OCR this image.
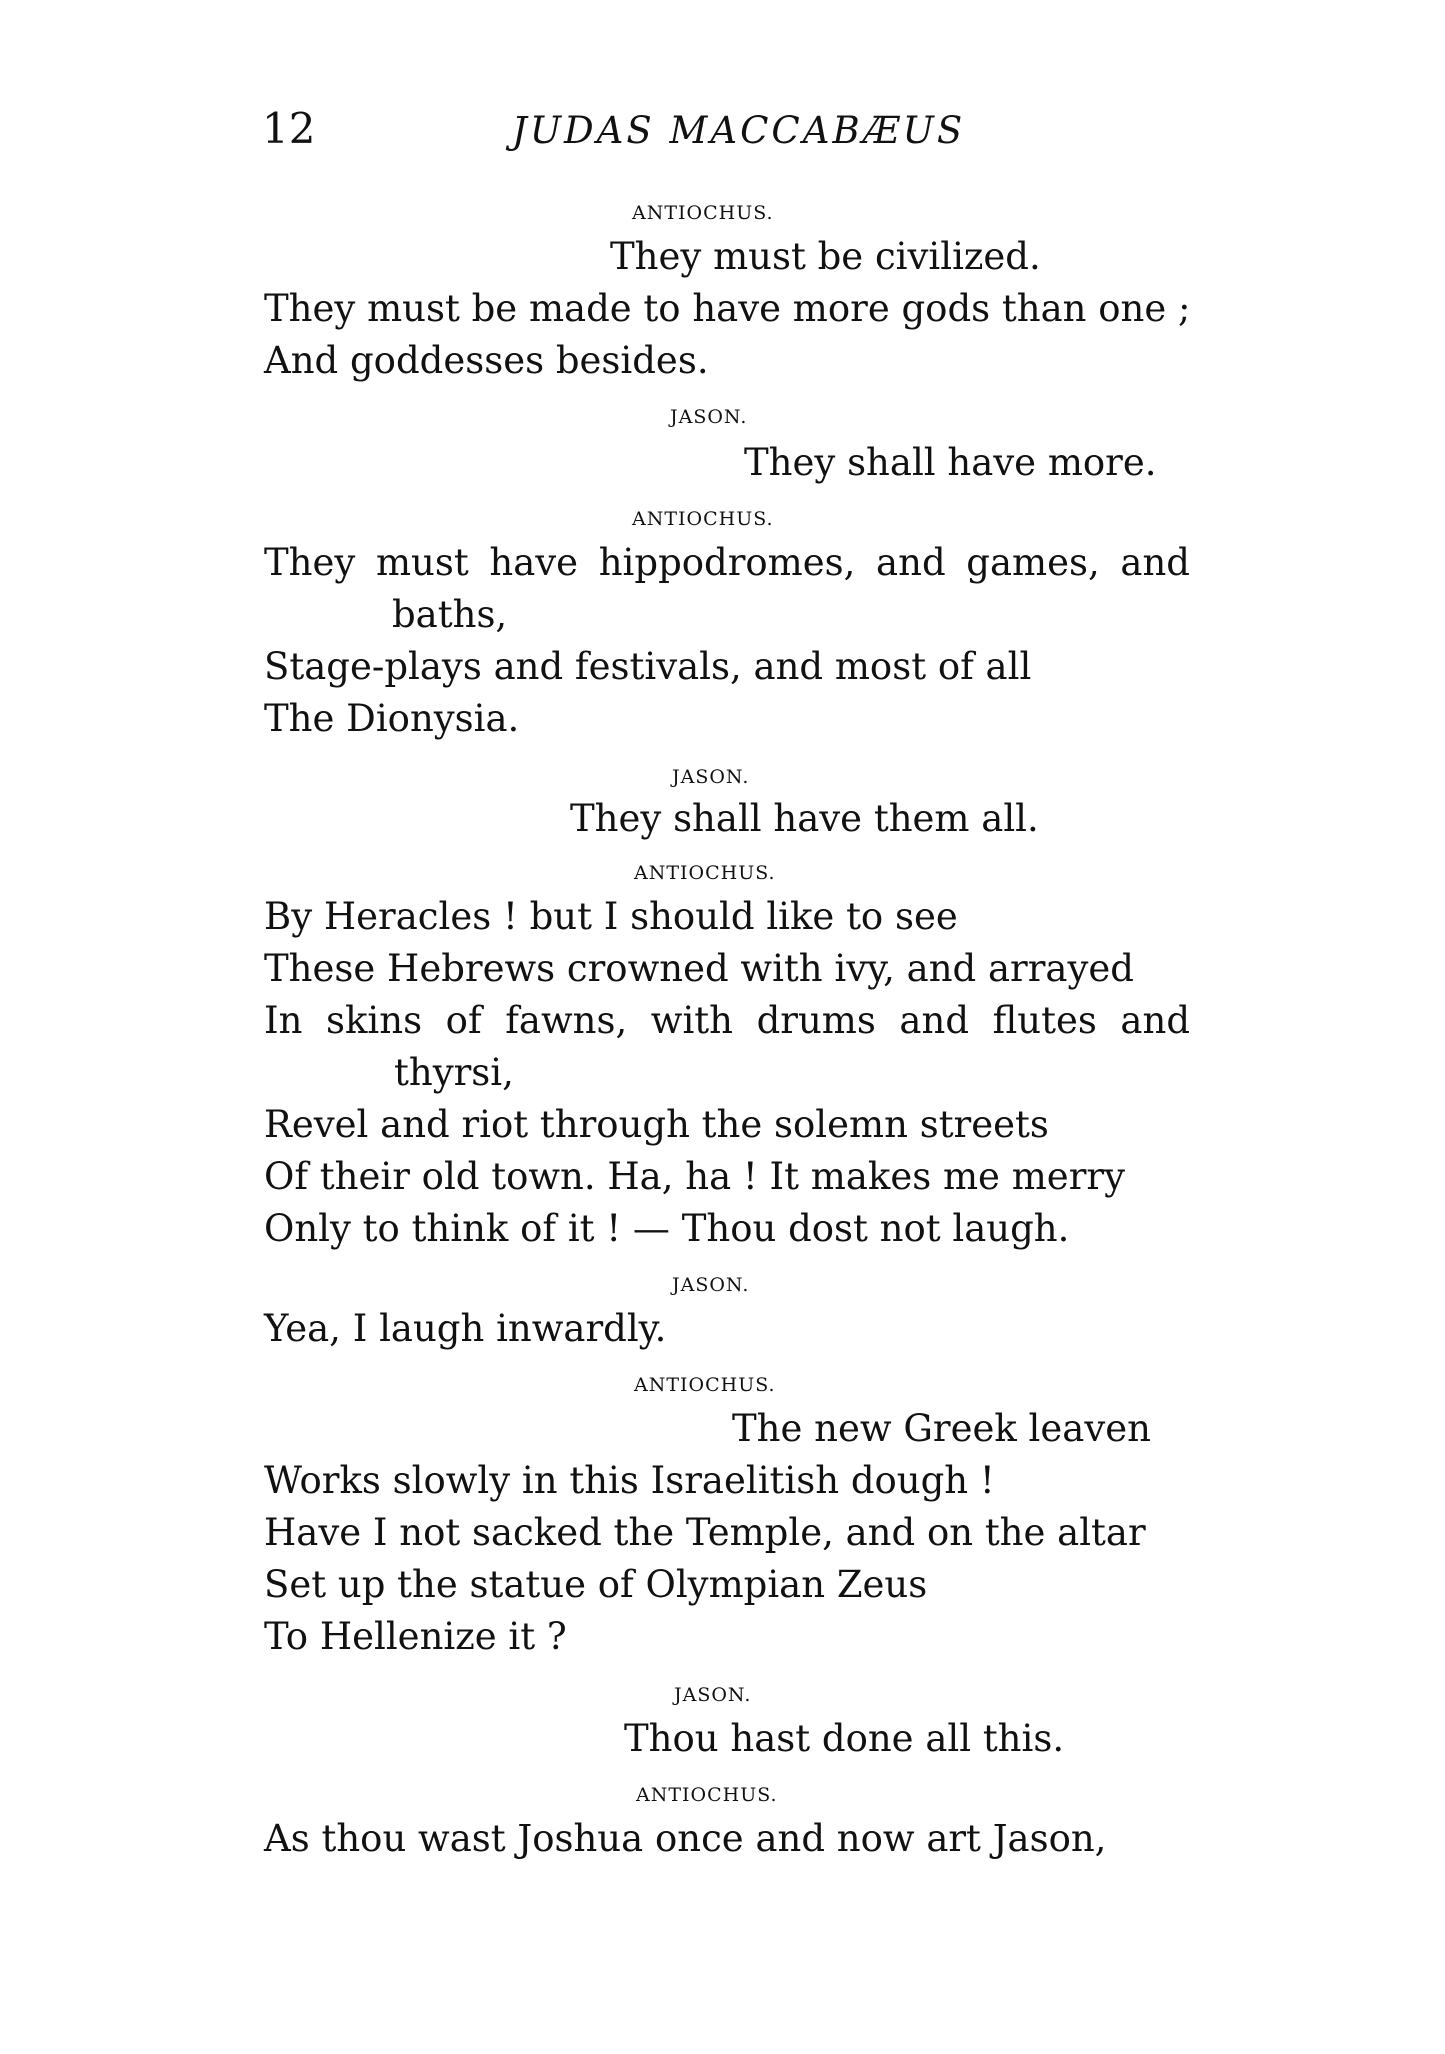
12	JUDAS MACCABÆUS
ANTIOCHUS.
They must be civilized.
They must be made to have more gods than one ;
And goddesses besides.
JASON.
They shall have more.
ANTIOCHUS.
They must have hippodromes, and games, and
baths,
Stage-plays and festivals, and most of all
The Dionysia.
JASON.
They shall have them all.
ANTIOCHUS.
By Heracles ! but I should like to see
These Hebrews crowned with ivy, and arrayed
In skins of fawns, with drums and flutes and
thyrsi,
Revel and riot through the solemn streets
Of their old town. Ha, ha ! It makes me merry
Only to think of it ! — Thou dost not laugh.
JASON.
Yea, I laugh inwardly.
ANTIOCHUS.
The new Greek leaven
Works slowly in this Israelitish dough !
Have I not sacked the Temple, and on the altar
Set up the statue of Olympian Zeus
To Hellenize it ?
JASON.
Thou hast done all this.
ANTIOCHUS.
As thou wast Joshua once and now art Jason,
